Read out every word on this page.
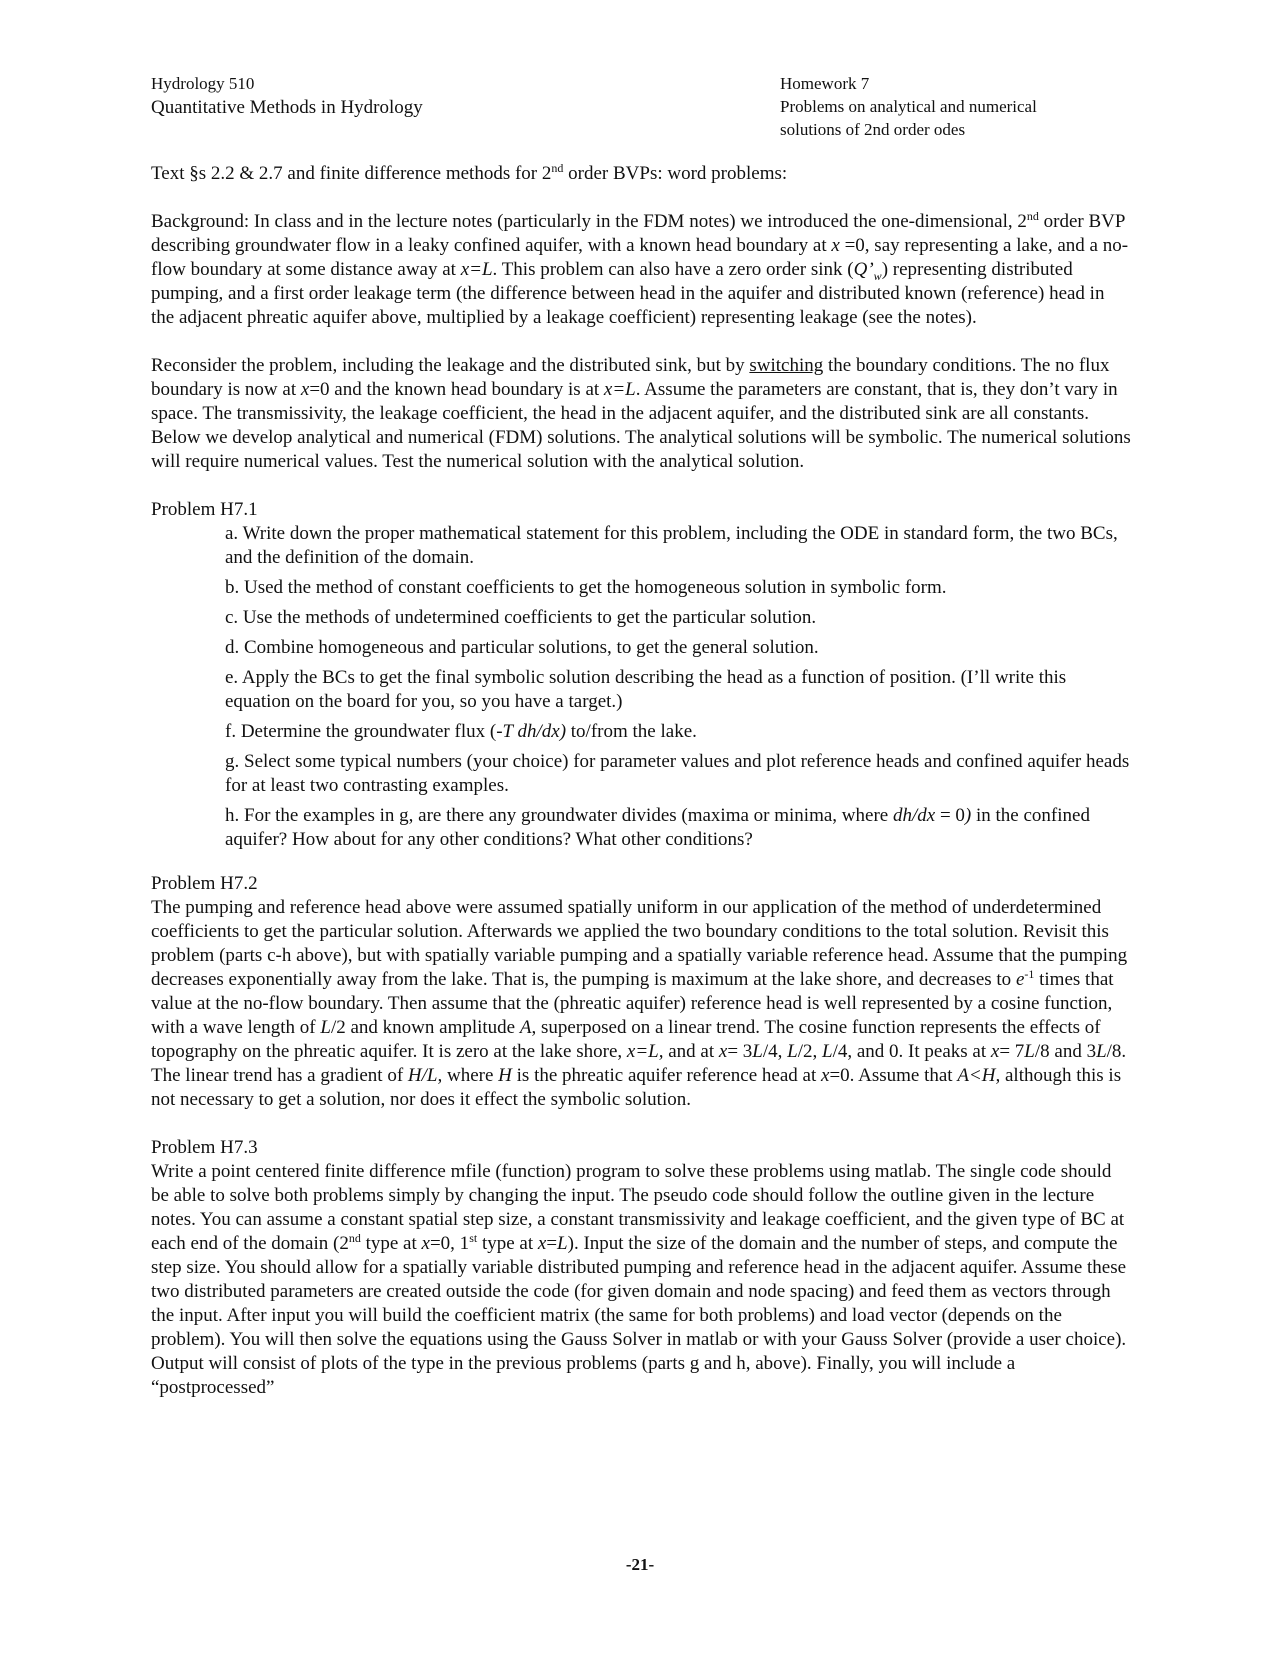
Hydrology 510
Quantitative Methods in Hydrology
Homework 7
Problems on analytical and numerical
solutions of 2nd order odes

Text §s 2.2 & 2.7 and finite difference methods for 2nd order BVPs: word problems:

Background: In class and in the lecture notes (particularly in the FDM notes) we introduced the one-dimensional, 2nd order BVP describing groundwater flow in a leaky confined aquifer, with a known head boundary at x =0, say representing a lake, and a no-flow boundary at some distance away at x=L. This problem can also have a zero order sink $(Q’_w)$ representing distributed pumping, and a first order leakage term (the difference between head in the aquifer and distributed known (reference) head in the adjacent phreatic aquifer above, multiplied by a leakage coefficient) representing leakage (see the notes).

Reconsider the problem, including the leakage and the distributed sink, but by switching the boundary conditions. The no flux boundary is now at x=0 and the known head boundary is at x=L. Assume the parameters are constant, that is, they don’t vary in space. The transmissivity, the leakage coefficient, the head in the adjacent aquifer, and the distributed sink are all constants. Below we develop analytical and numerical (FDM) solutions. The analytical solutions will be symbolic. The numerical solutions will require numerical values. Test the numerical solution with the analytical solution.

Problem H7.1

a. Write down the proper mathematical statement for this problem, including the ODE in standard form, the two BCs, and the definition of the domain.
b. Used the method of constant coefficients to get the homogeneous solution in symbolic form.
c. Use the methods of undetermined coefficients to get the particular solution.
d. Combine homogeneous and particular solutions, to get the general solution.
e. Apply the BCs to get the final symbolic solution describing the head as a function of position. (I’ll write this equation on the board for you, so you have a target.)
f. Determine the groundwater flux (-T dh/dx) to/from the lake.
g. Select some typical numbers (your choice) for parameter values and plot reference heads and confined aquifer heads for at least two contrasting examples.
h. For the examples in g, are there any groundwater divides (maxima or minima, where dh/dx = 0) in the confined aquifer? How about for any other conditions? What other conditions?

Problem H7.2

The pumping and reference head above were assumed spatially uniform in our application of the method of underdetermined coefficients to get the particular solution. Afterwards we applied the two boundary conditions to the total solution. Revisit this problem (parts c-h above), but with spatially variable pumping and a spatially variable reference head. Assume that the pumping decreases exponentially away from the lake. That is, the pumping is maximum at the lake shore, and decreases to $e^{-1}$ times that value at the no-flow boundary. Then assume that the (phreatic aquifer) reference head is well represented by a cosine function, with a wave length of L/2 and known amplitude A, superposed on a linear trend. The cosine function represents the effects of topography on the phreatic aquifer. It is zero at the lake shore, x=L, and at x= 3L/4, L/2, L/4, and 0. It peaks at x= 7L/8 and 3L/8. The linear trend has a gradient of H/L, where H is the phreatic aquifer reference head at x=0. Assume that A<H, although this is not necessary to get a solution, nor does it effect the symbolic solution.

Problem H7.3

Write a point centered finite difference mfile (function) program to solve these problems using matlab. The single code should be able to solve both problems simply by changing the input. The pseudo code should follow the outline given in the lecture notes. You can assume a constant spatial step size, a constant transmissivity and leakage coefficient, and the given type of BC at each end of the domain (2nd type at x=0, 1st type at x=L). Input the size of the domain and the number of steps, and compute the step size. You should allow for a spatially variable distributed pumping and reference head in the adjacent aquifer. Assume these two distributed parameters are created outside the code (for given domain and node spacing) and feed them as vectors through the input. After input you will build the coefficient matrix (the same for both problems) and load vector (depends on the problem). You will then solve the equations using the Gauss Solver in matlab or with your Gauss Solver (provide a user choice). Output will consist of plots of the type in the previous problems (parts g and h, above). Finally, you will include a “postprocessed”

-21-
